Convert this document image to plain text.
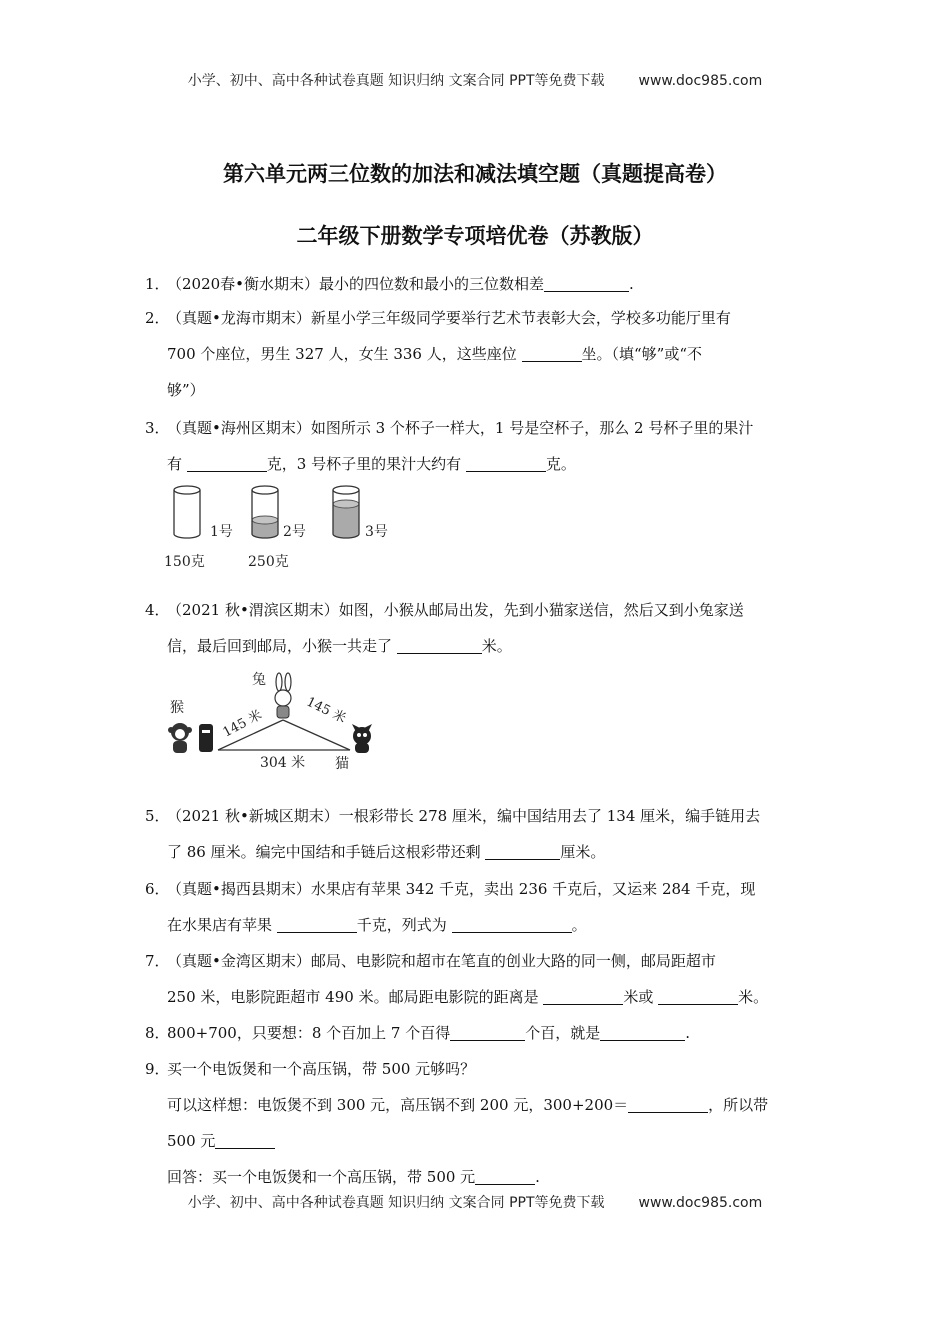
小学、初中、高中各种试卷真题 知识归纳 文案合同 PPT等免费下载 www.doc985.com
第六单元两三位数的加法和减法填空题（真题提高卷）
二年级下册数学专项培优卷（苏教版）
1．（2020春•衡水期末）最小的四位数和最小的三位数相差	.
2．（真题•龙海市期末）新星小学三年级同学要举行艺术节表彰大会，学校多功能厅里有
700 个座位，男生 327 人，女生 336 人，这些座位	坐。（填“够”或“不
够”）
3．（真题•海州区期末）如图所示 3 个杯子一样大，1 号是空杯子，那么 2 号杯子里的果汁
有	克，3 号杯子里的果汁大约有	克。
1号
150克
2号
250克
3号
4．（2021 秋•渭滨区期末）如图，小猴从邮局出发，先到小猫家送信，然后又到小兔家送
信，最后回到邮局，小猴一共走了	米。
猴
兔
145 米	145 米
304 米 猫
5．（2021 秋•新城区期末）一根彩带长 278 厘米，编中国结用去了 134 厘米，编手链用去
了 86 厘米。编完中国结和手链后这根彩带还剩	厘米。
6．（真题•揭西县期末）水果店有苹果 342 千克，卖出 236 千克后，又运来 284 千克，现
在水果店有苹果	千克，列式为	。
7．（真题•金湾区期末）邮局、电影院和超市在笔直的创业大路的同一侧，邮局距超市
250 米，电影院距超市 490 米。邮局距电影院的距离是	米或	米。
8．800+700，只要想：8 个百加上 7 个百得	个百，就是	.
9．买一个电饭煲和一个高压锅，带 500 元够吗？
可以这样想：电饭煲不到 300 元，高压锅不到 200 元，300+200＝	，所以带
500 元
回答：买一个电饭煲和一个高压锅，带 500 元	.
小学、初中、高中各种试卷真题 知识归纳 文案合同 PPT等免费下载 www.doc985.com
